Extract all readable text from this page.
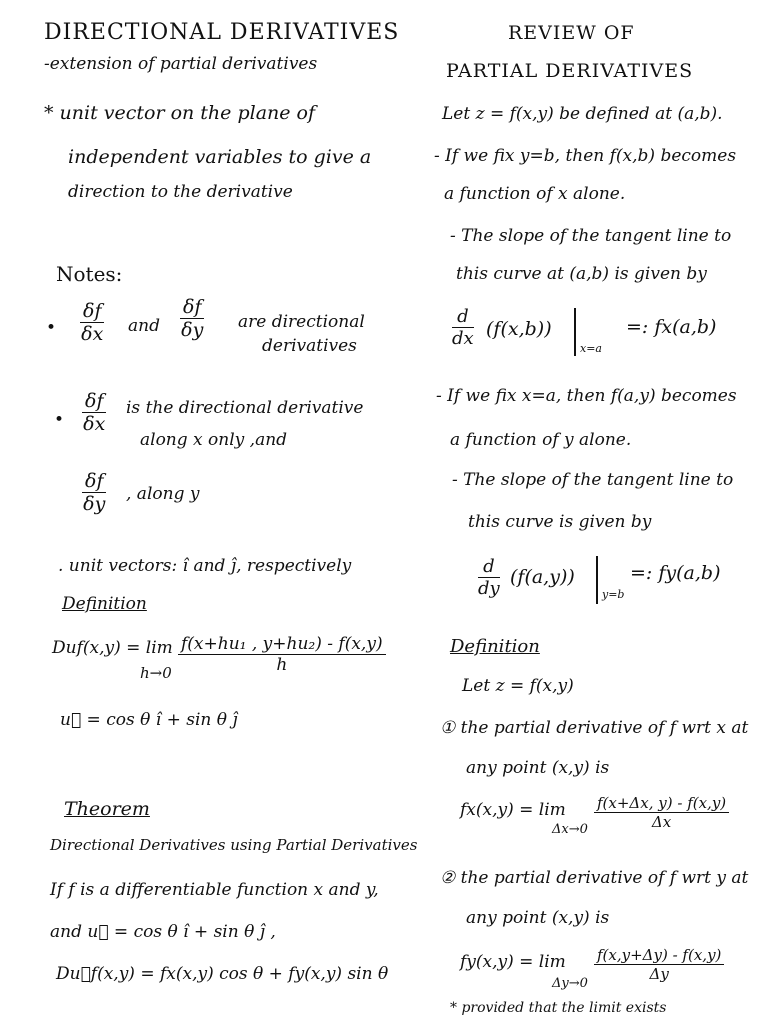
DIRECTIONAL DERIVATIVES
-extension of partial derivatives
* unit vector on the plane of
independent variables to give a
direction to the derivative
Notes:
• $\frac{\delta f}{\delta x}$ and $\frac{\delta f}{\delta y}$ are directional
derivatives
• $\frac{\delta f}{\delta x}$ is the directional derivative
along x only ,and
$\frac{\delta f}{\delta y}$ , along y
. unit vectors: î and ĵ, respectively
Definition
Duf(x,y) = lim
$h\to 0 \frac{\text{f(x+hu₁ , y+hu₂) - f(x,y)}}{h}$
u⃗ = cos θ î + sin θ ĵ
Theorem
Directional Derivatives using Partial Derivatives
If f is a differentiable function x and y,
and u⃗ = cos θ î + sin θ ĵ ,
Du⃗f(x,y) = fx(x,y) cos θ + fy(x,y) sin θ
REVIEW OF
PARTIAL DERIVATIVES
Let z = f(x,y) be defined at (a,b).
- If we fix y=b, then f(x,b) becomes
a function of x alone.
- The slope of the tangent line to
this curve at (a,b) is given by
$\frac{d}{dx} (f(x,b))$
x=a
=: fx(a,b)
- If we fix x=a, then f(a,y) becomes
a function of y alone.
- The slope of the tangent line to
this curve is given by
$\frac{d}{dy} (f(a,y))$
y=b
=: fy(a,b)
Definition
Let z = f(x,y)
① the partial derivative of f wrt x at
any point (x,y) is
fx(x,y) = lim
$\Delta x\to 0 \frac{f(x+\Delta x, y) - f(x,y)}{\Delta x}$
② the partial derivative of f wrt y at
any point (x,y) is
fy(x,y) = lim
Δy→0
$\frac{f(x,y+\Delta y) - f(x,y)}{\Delta y}$
* provided that the limit exists
